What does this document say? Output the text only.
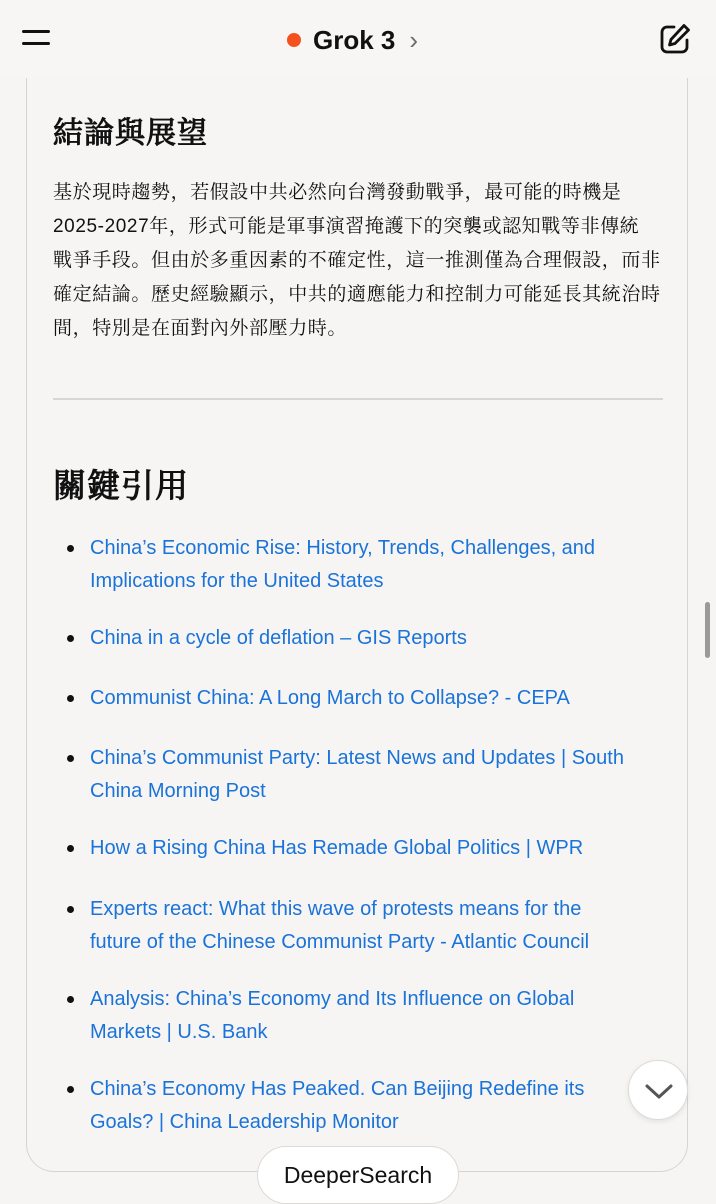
Grok 3 ›
結論與展望

基於現時趨勢，若假設中共必然向台灣發動戰爭，最可能的時機是
2025-2027年，形式可能是軍事演習掩護下的突襲或認知戰等非傳統
戰爭手段。但由於多重因素的不確定性，這一推測僅為合理假設，而非
確定結論。歷史經驗顯示，中共的適應能力和控制力可能延長其統治時
間，特別是在面對內外部壓力時。

關鍵引用
China’s Economic Rise: History, Trends, Challenges, and
Implications for the United States
China in a cycle of deflation – GIS Reports
Communist China: A Long March to Collapse? - CEPA
China’s Communist Party: Latest News and Updates | South
China Morning Post
How a Rising China Has Remade Global Politics | WPR
Experts react: What this wave of protests means for the
future of the Chinese Communist Party - Atlantic Council
Analysis: China’s Economy and Its Influence on Global
Markets | U.S. Bank
China’s Economy Has Peaked. Can Beijing Redefine its
Goals? | China Leadership Monitor
DeeperSearch
